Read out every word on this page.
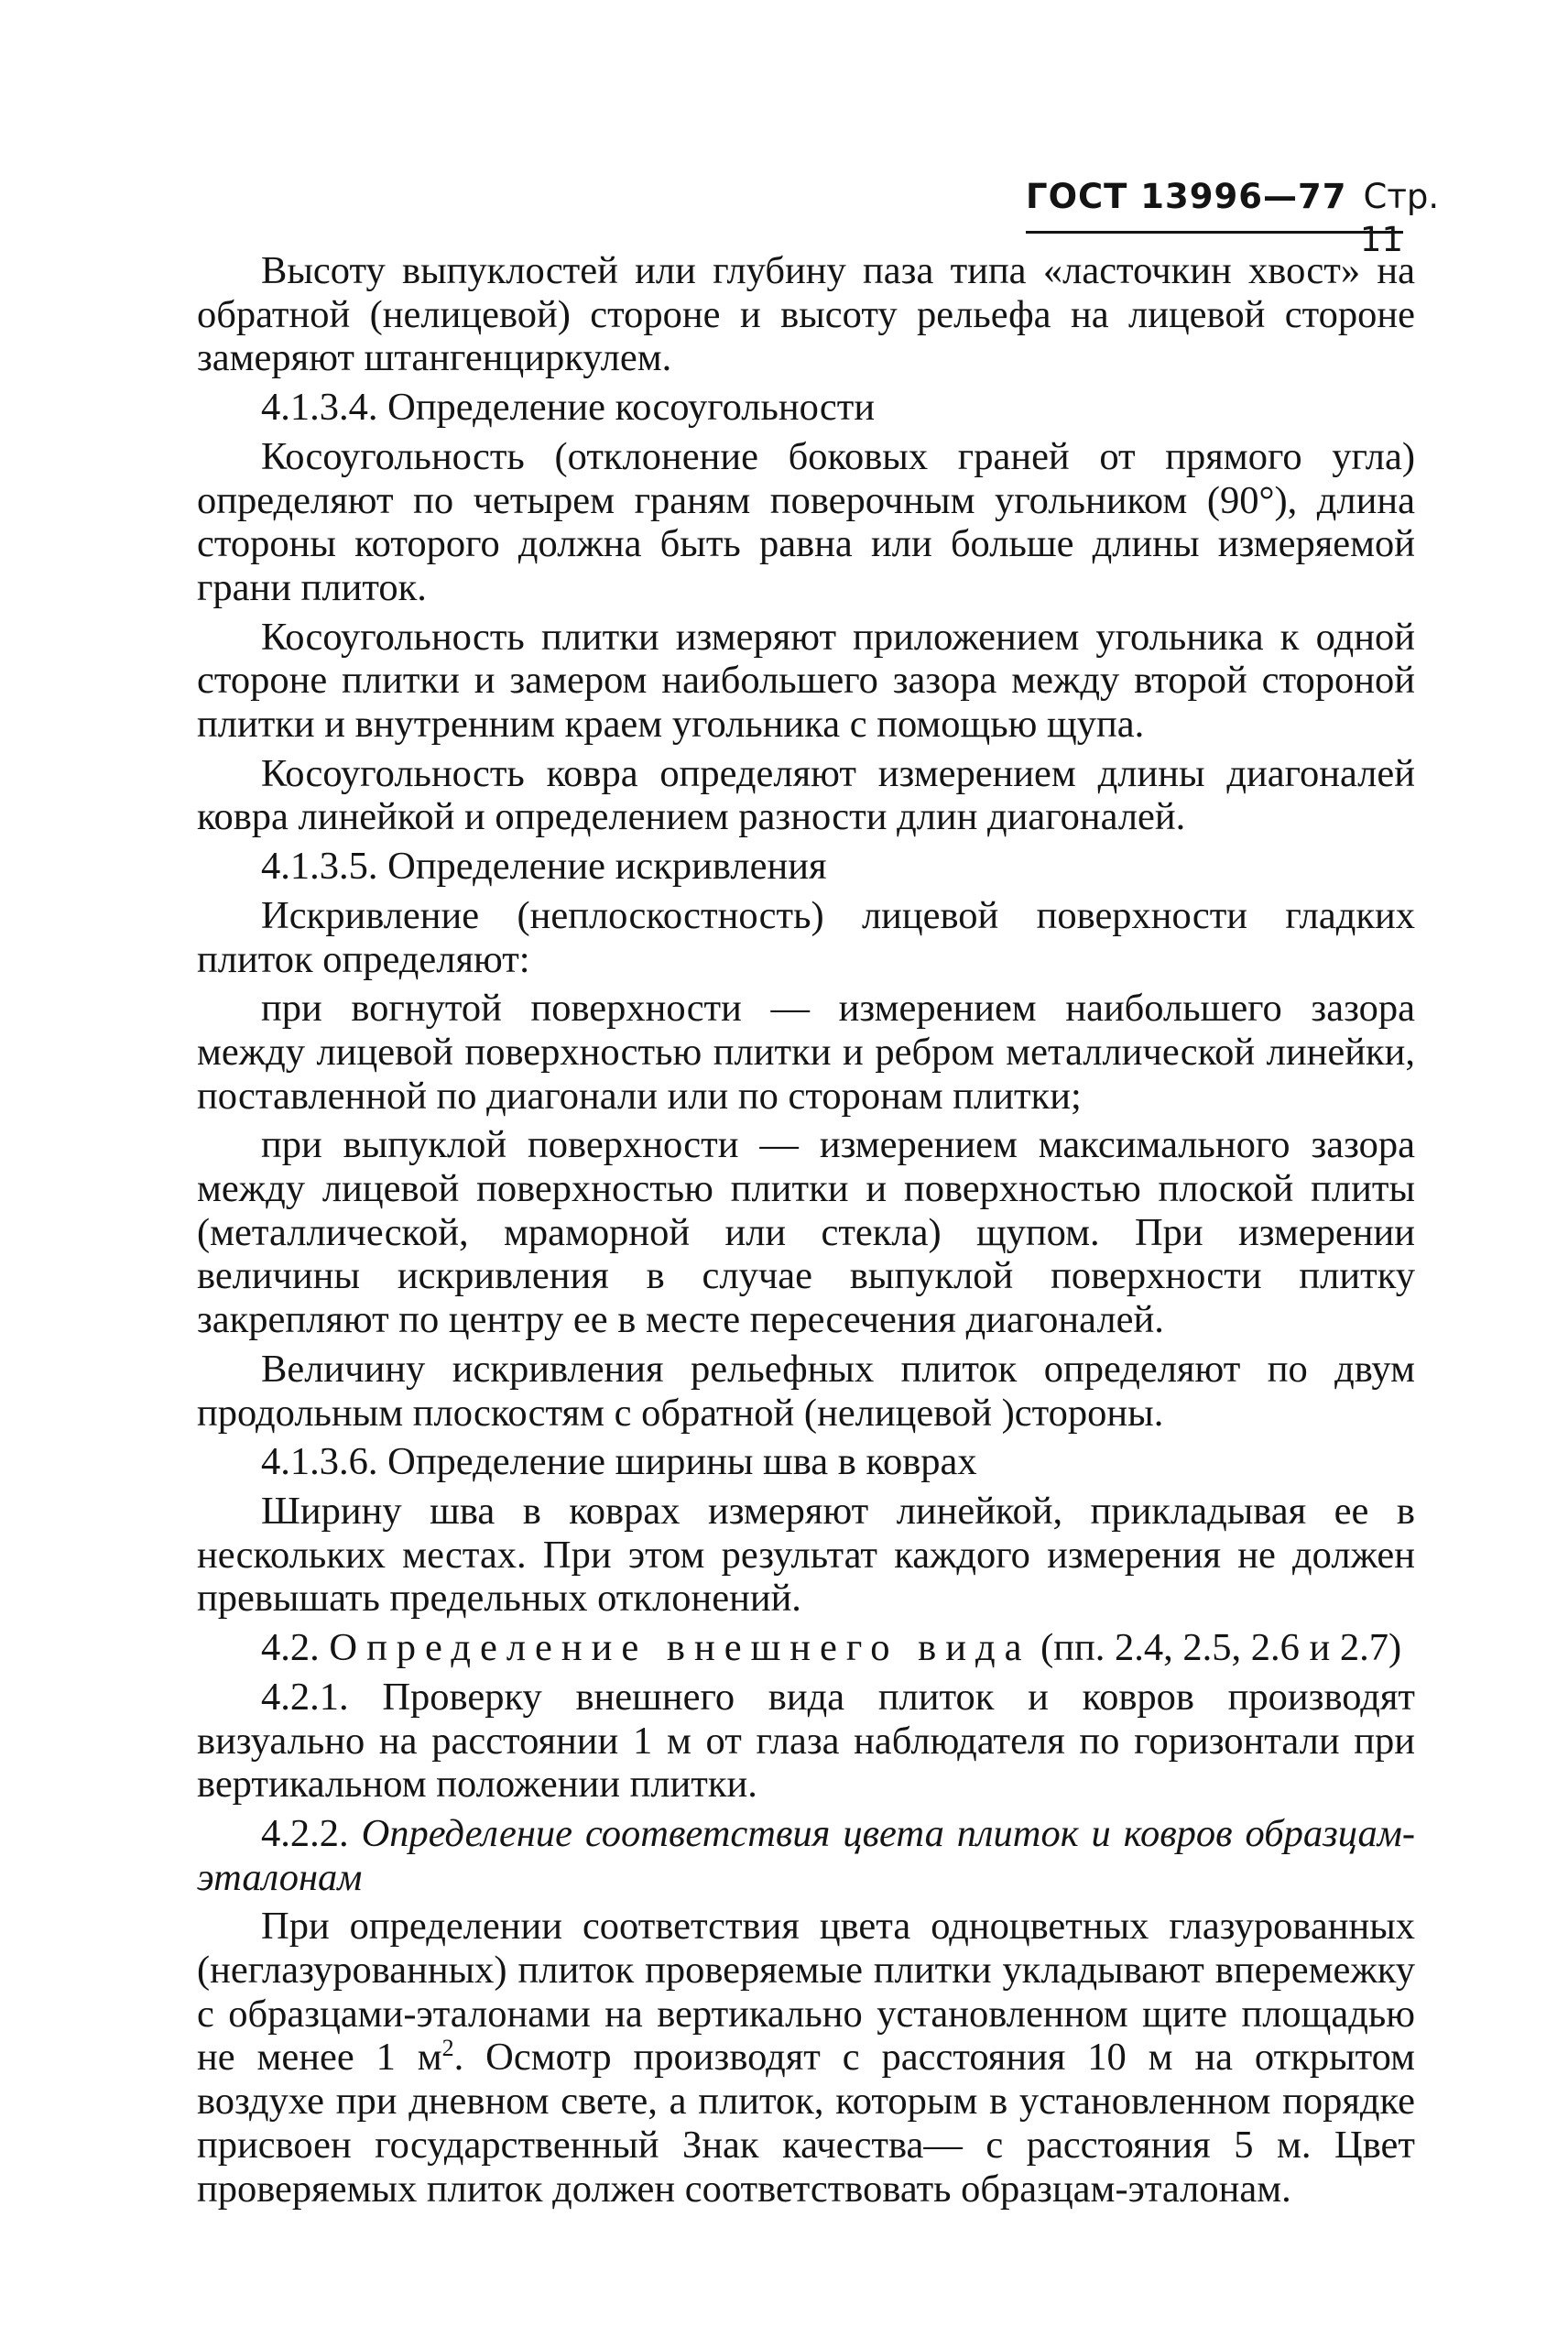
ГОСТ 13996—77 Стр. 11

Высоту выпуклостей или глубину паза типа «ласточкин хвост» на обратной (нелицевой) стороне и высоту рельефа на лицевой стороне замеряют штангенциркулем.

4.1.3.4. Определение косоугольности

Косоугольность (отклонение боковых граней от прямого угла) определяют по четырем граням поверочным угольником (90°), длина стороны которого должна быть равна или больше длины измеряемой грани плиток.

Косоугольность плитки измеряют приложением угольника к одной стороне плитки и замером наибольшего зазора между второй стороной плитки и внутренним краем угольника с помощью щупа.

Косоугольность ковра определяют измерением длины диагоналей ковра линейкой и определением разности длин диагоналей.

4.1.3.5. Определение искривления

Искривление (неплоскостность) лицевой поверхности гладких плиток определяют:

при вогнутой поверхности — измерением наибольшего зазора между лицевой поверхностью плитки и ребром металлической линейки, поставленной по диагонали или по сторонам плитки;

при выпуклой поверхности — измерением максимального зазора между лицевой поверхностью плитки и поверхностью плоской плиты (металлической, мраморной или стекла) щупом. При измерении величины искривления в случае выпуклой поверхности плитку закрепляют по центру ее в месте пересечения диагоналей.

Величину искривления рельефных плиток определяют по двум продольным плоскостям с обратной (нелицевой )стороны.

4.1.3.6. Определение ширины шва в коврах

Ширину шва в коврах измеряют линейкой, прикладывая ее в нескольких местах. При этом результат каждого измерения не должен превышать предельных отклонений.

4.2. Определение внешнего вида (пп. 2.4, 2.5, 2.6 и 2.7)

4.2.1. Проверку внешнего вида плиток и ковров производят визуально на расстоянии 1 м от глаза наблюдателя по горизонтали при вертикальном положении плитки.

4.2.2. Определение соответствия цвета плиток и ковров образцам-эталонам

При определении соответствия цвета одноцветных глазурованных (неглазурованных) плиток проверяемые плитки укладывают вперемежку с образцами-эталонами на вертикально установленном щите площадью не менее 1 $м^2$. Осмотр производят с расстояния 10 м на открытом воздухе при дневном свете, а плиток, которым в установленном порядке присвоен государственный Знак качества— с расстояния 5 м. Цвет проверяемых плиток должен соответствовать образцам-эталонам.
